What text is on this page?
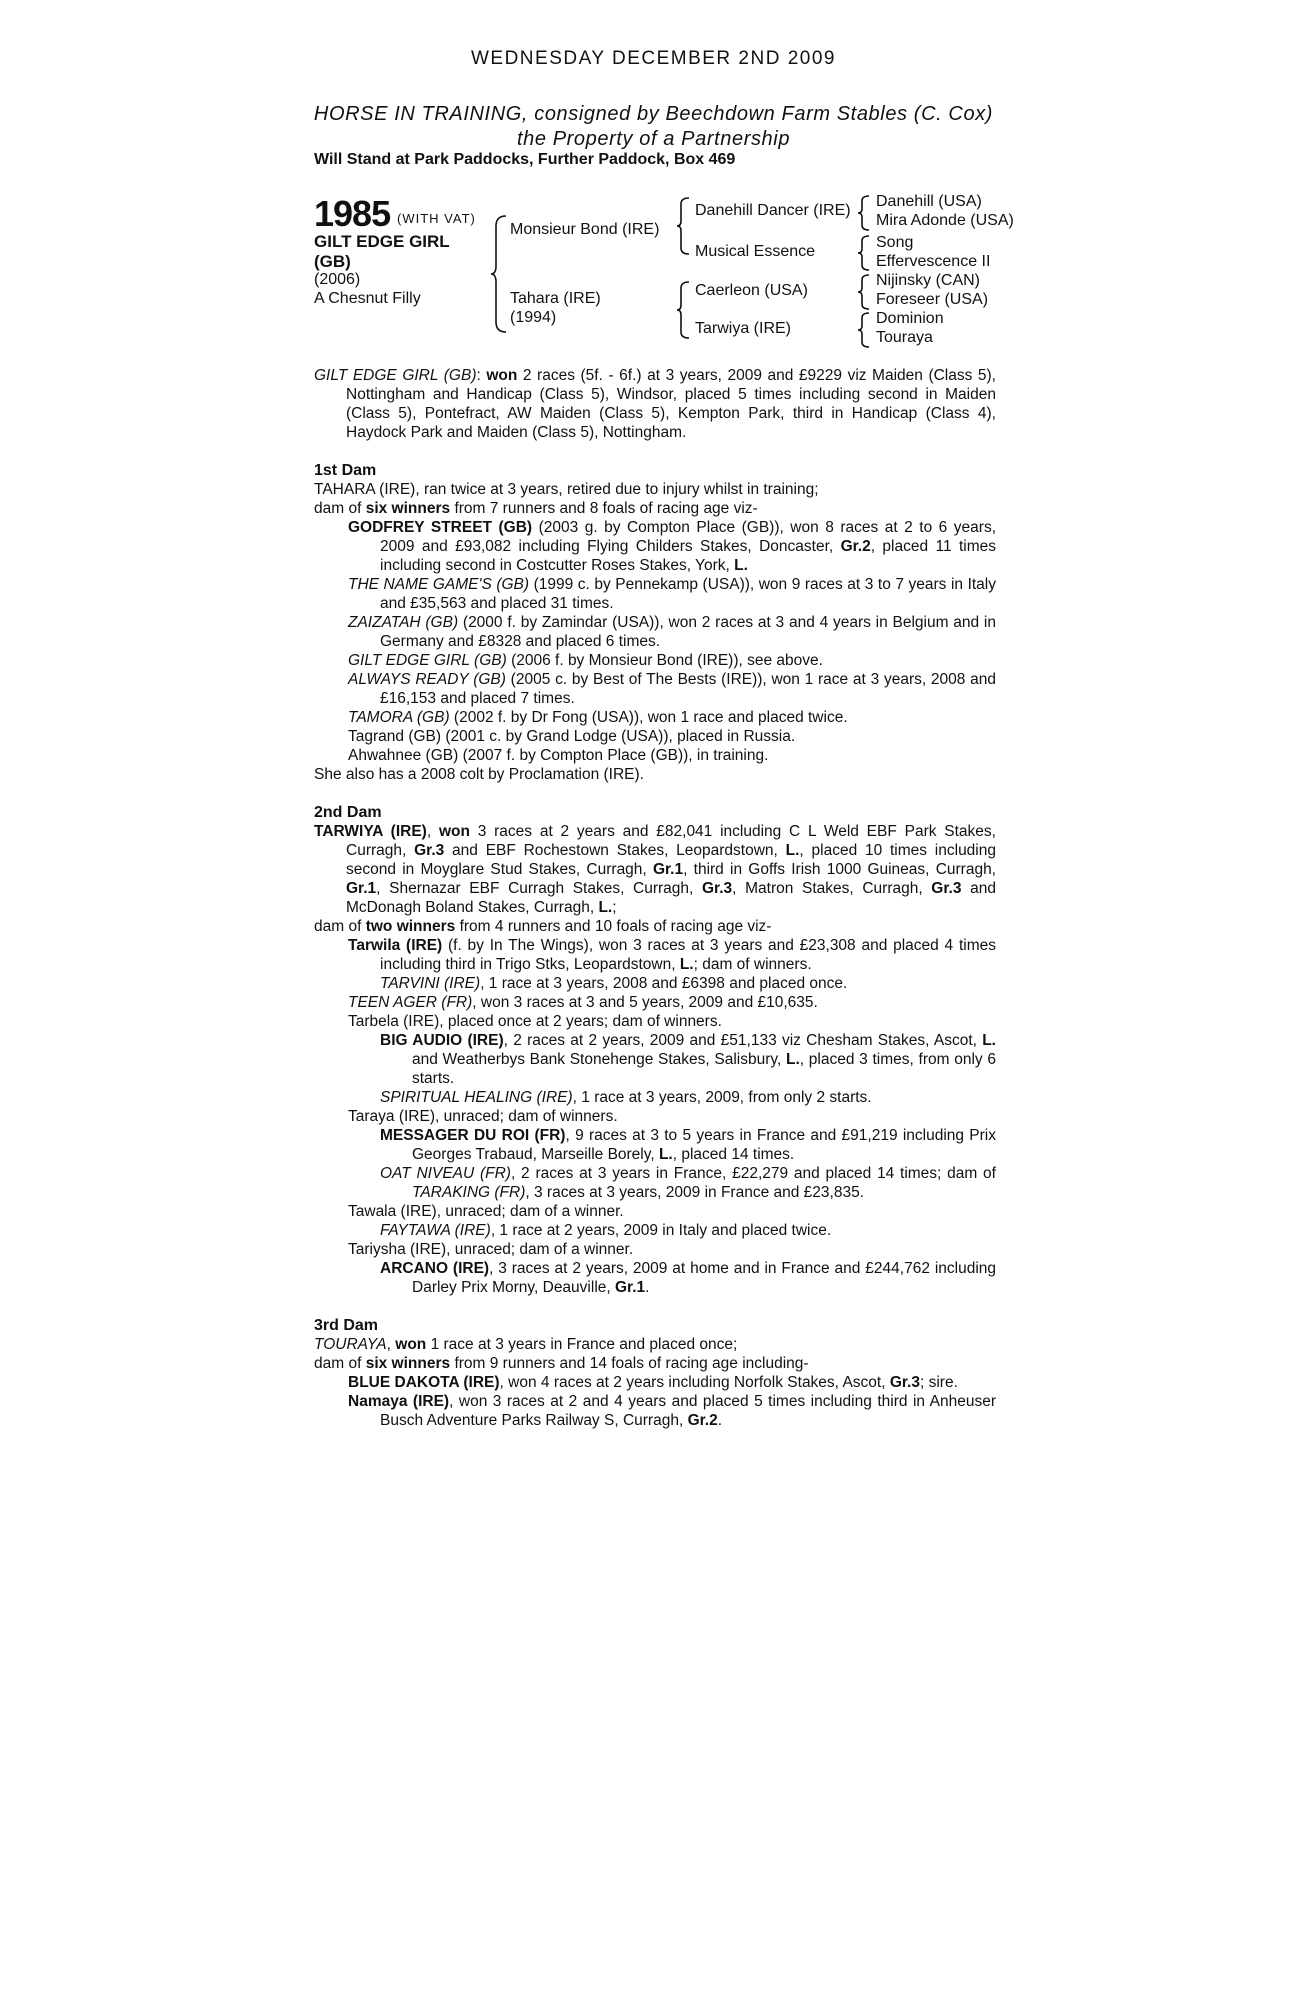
WEDNESDAY DECEMBER 2ND 2009
HORSE IN TRAINING, consigned by Beechdown Farm Stables (C. Cox)
the Property of a Partnership
Will Stand at Park Paddocks, Further Paddock, Box 469
1985 (WITH VAT)
GILT EDGE GIRL
(GB)
(2006)
A Chesnut Filly
Monsieur Bond (IRE)
Tahara (IRE)
(1994)
Danehill Dancer (IRE)
Musical Essence
Caerleon (USA)
Tarwiya (IRE)
Danehill (USA)
Mira Adonde (USA)
Song
Effervescence II
Nijinsky (CAN)
Foreseer (USA)
Dominion
Touraya

GILT EDGE GIRL (GB): won 2 races (5f. - 6f.) at 3 years, 2009 and £9229 viz Maiden (Class 5), Nottingham and Handicap (Class 5), Windsor, placed 5 times including second in Maiden (Class 5), Pontefract, AW Maiden (Class 5), Kempton Park, third in Handicap (Class 4), Haydock Park and Maiden (Class 5), Nottingham.

1st Dam

TAHARA (IRE), ran twice at 3 years, retired due to injury whilst in training;

dam of six winners from 7 runners and 8 foals of racing age viz-

GODFREY STREET (GB) (2003 g. by Compton Place (GB)), won 8 races at 2 to 6 years, 2009 and £93,082 including Flying Childers Stakes, Doncaster, Gr.2, placed 11 times including second in Costcutter Roses Stakes, York, L.

THE NAME GAME'S (GB) (1999 c. by Pennekamp (USA)), won 9 races at 3 to 7 years in Italy and £35,563 and placed 31 times.

ZAIZATAH (GB) (2000 f. by Zamindar (USA)), won 2 races at 3 and 4 years in Belgium and in Germany and £8328 and placed 6 times.

GILT EDGE GIRL (GB) (2006 f. by Monsieur Bond (IRE)), see above.

ALWAYS READY (GB) (2005 c. by Best of The Bests (IRE)), won 1 race at 3 years, 2008 and £16,153 and placed 7 times.

TAMORA (GB) (2002 f. by Dr Fong (USA)), won 1 race and placed twice.

Tagrand (GB) (2001 c. by Grand Lodge (USA)), placed in Russia.

Ahwahnee (GB) (2007 f. by Compton Place (GB)), in training.

She also has a 2008 colt by Proclamation (IRE).

2nd Dam

TARWIYA (IRE), won 3 races at 2 years and £82,041 including C L Weld EBF Park Stakes, Curragh, Gr.3 and EBF Rochestown Stakes, Leopardstown, L., placed 10 times including second in Moyglare Stud Stakes, Curragh, Gr.1, third in Goffs Irish 1000 Guineas, Curragh, Gr.1, Shernazar EBF Curragh Stakes, Curragh, Gr.3, Matron Stakes, Curragh, Gr.3 and McDonagh Boland Stakes, Curragh, L.;

dam of two winners from 4 runners and 10 foals of racing age viz-

Tarwila (IRE) (f. by In The Wings), won 3 races at 3 years and £23,308 and placed 4 times including third in Trigo Stks, Leopardstown, L.; dam of winners.

TARVINI (IRE), 1 race at 3 years, 2008 and £6398 and placed once.

TEEN AGER (FR), won 3 races at 3 and 5 years, 2009 and £10,635.

Tarbela (IRE), placed once at 2 years; dam of winners.

BIG AUDIO (IRE), 2 races at 2 years, 2009 and £51,133 viz Chesham Stakes, Ascot, L. and Weatherbys Bank Stonehenge Stakes, Salisbury, L., placed 3 times, from only 6 starts.

SPIRITUAL HEALING (IRE), 1 race at 3 years, 2009, from only 2 starts.

Taraya (IRE), unraced; dam of winners.

MESSAGER DU ROI (FR), 9 races at 3 to 5 years in France and £91,219 including Prix Georges Trabaud, Marseille Borely, L., placed 14 times.

OAT NIVEAU (FR), 2 races at 3 years in France, £22,279 and placed 14 times; dam of TARAKING (FR), 3 races at 3 years, 2009 in France and £23,835.

Tawala (IRE), unraced; dam of a winner.

FAYTAWA (IRE), 1 race at 2 years, 2009 in Italy and placed twice.

Tariysha (IRE), unraced; dam of a winner.

ARCANO (IRE), 3 races at 2 years, 2009 at home and in France and £244,762 including Darley Prix Morny, Deauville, Gr.1.

3rd Dam

TOURAYA, won 1 race at 3 years in France and placed once;

dam of six winners from 9 runners and 14 foals of racing age including-

BLUE DAKOTA (IRE), won 4 races at 2 years including Norfolk Stakes, Ascot, Gr.3; sire.

Namaya (IRE), won 3 races at 2 and 4 years and placed 5 times including third in Anheuser Busch Adventure Parks Railway S, Curragh, Gr.2.
